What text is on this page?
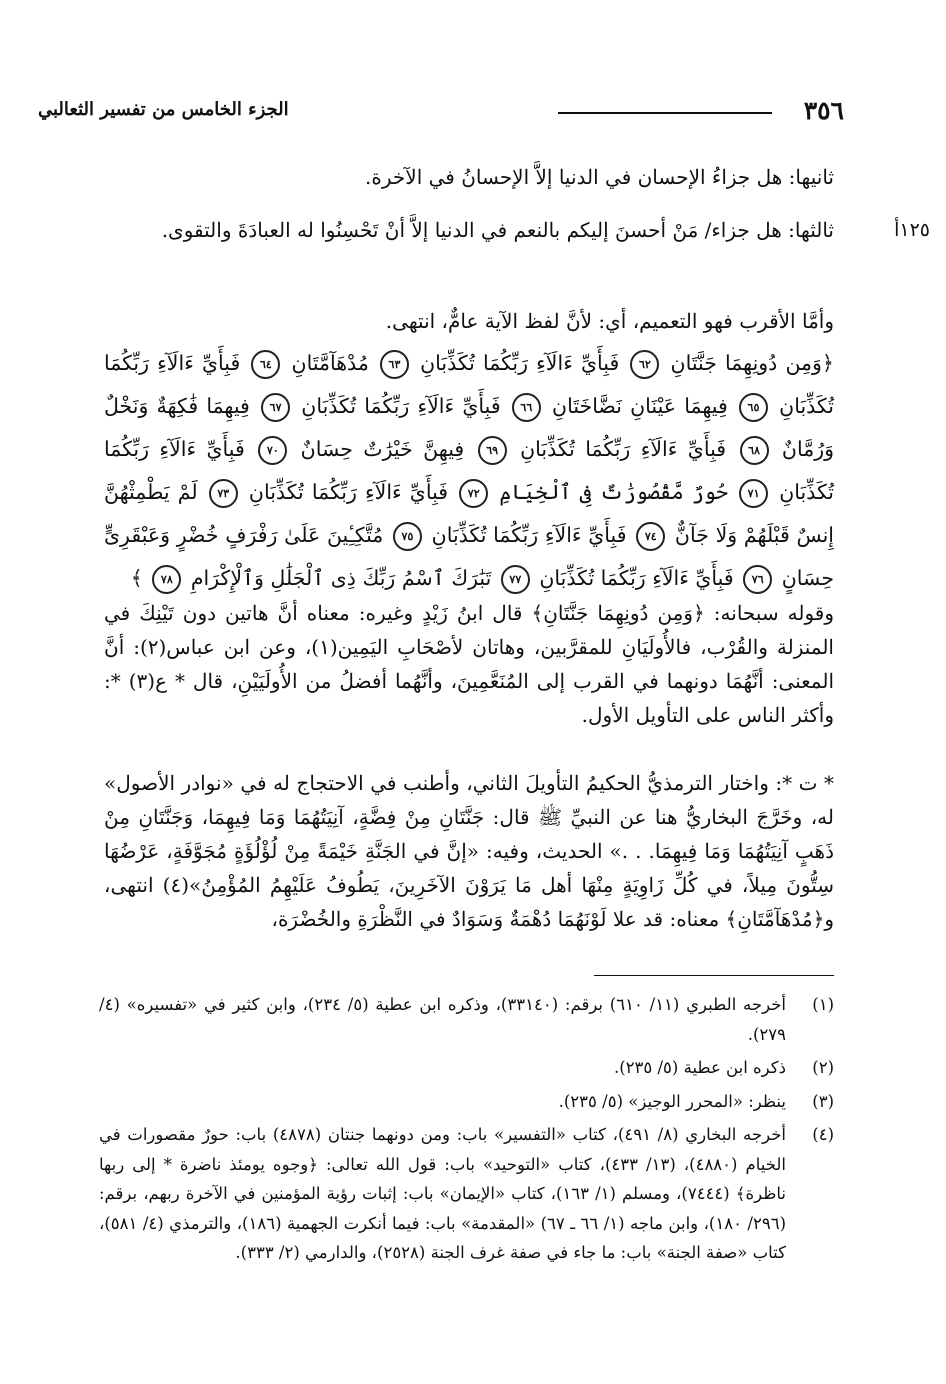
٣٥٦
الجزء الخامس من تفسير الثعالبي
ثانيها: هل جزاءُ الإحسان في الدنيا إلاَّ الإحسانُ في الآخرة.
١٢٥أ
ثالثها: هل جزاء/ مَنْ أحسنَ إليكم بالنعم في الدنيا إلاَّ أنْ تَحْسِنُوا له العبادَةَ والتقوى.
وأمَّا الأقرب فهو التعميم، أي: لأنَّ لفظ الآية عامٌّ، انتهى.
﴿وَمِن دُونِهِمَا جَنَّتَانِ ٦٢ فَبِأَيِّ ءَالَآءِ رَبِّكُمَا تُكَذِّبَانِ ٦٣ مُدْهَآمَّتَانِ ٦٤ فَبِأَيِّ ءَالَآءِ رَبِّكُمَا تُكَذِّبَانِ ٦٥ فِيهِمَا عَيْنَانِ نَضَّاخَتَانِ ٦٦ فَبِأَيِّ ءَالَآءِ رَبِّكُمَا تُكَذِّبَانِ ٦٧ فِيهِمَا فَٰكِهَةٌ وَنَخْلٌ وَرُمَّانٌ ٦٨ فَبِأَيِّ ءَالَآءِ رَبِّكُمَا تُكَذِّبَانِ ٦٩ فِيهِنَّ خَيْرَٰتٌ حِسَانٌ ٧٠ فَبِأَيِّ ءَالَآءِ رَبِّكُمَا تُكَذِّبَانِ ٧١ حُورٌ مَّقْصُورَٰتٌ فِى ٱلْخِيَامِ ٧٢ فَبِأَيِّ ءَالَآءِ رَبِّكُمَا تُكَذِّبَانِ ٧٣ لَمْ يَطْمِثْهُنَّ إِنسٌ قَبْلَهُمْ وَلَا جَآنٌّ ٧٤ فَبِأَيِّ ءَالَآءِ رَبِّكُمَا تُكَذِّبَانِ ٧٥ مُتَّكِـِٔينَ عَلَىٰ رَفْرَفٍ خُضْرٍ وَعَبْقَرِىٍّ حِسَانٍ ٧٦ فَبِأَيِّ ءَالَآءِ رَبِّكُمَا تُكَذِّبَانِ ٧٧ تَبَٰرَكَ ٱسْمُ رَبِّكَ ذِى ٱلْجَلَٰلِ وَٱلْإِكْرَامِ ٧٨ ﴾
وقوله سبحانه: ﴿وَمِن دُونِهِمَا جَنَّتَانِ﴾ قال ابنُ زَيْدٍ وغيره: معناه أنَّ هاتين دون تَيْنِكَ في المنزلة والقُرْب، فالأُولَيَانِ للمقرَّبين، وهاتان لأصْحَابِ اليَمِين(١)، وعن ابن عباس(٢): أنَّ المعنى: أنَّهُمَا دونهما في القرب إلى المُنَعَّمِينَ، وأنَّهُما أفضلُ من الأُولَيَيْنِ، قال * ع(٣) *: وأكثر الناس على التأويل الأول.
* ت *: واختار الترمذيُّ الحكيمُ التأويلَ الثاني، وأطنب في الاحتجاج له في «نوادر الأصول» له، وخَرَّجَ البخاريُّ هنا عن النبيِّ ﷺ قال: جَنَّتَانِ مِنْ فِضَّةٍ، آنِيَتُهُمَا وَمَا فِيهِمَا، وَجَنَّتَانِ مِنْ ذَهَبٍ آنِيَتُهُمَا وَمَا فِيهِمَا. . .» الحديث، وفيه: «إنَّ في الجَنَّةِ خَيْمَةً مِنْ لُؤْلُؤَةٍ مُجَوَّفَةٍ، عَرْضُهَا سِتُّونَ مِيلاً، في كُلِّ زَاوِيَةٍ مِنْهَا أهل مَا يَرَوْنَ الآخَرِينَ، يَطُوفُ عَلَيْهِمُ المُؤْمِنُ»(٤) انتهى، و﴿مُدْهَآمَّتَانِ﴾ معناه: قد علا لَوْنَهُمَا دُهْمَةٌ وَسَوَادٌ في النَّظْرَةِ والخُضْرَة،
(١)
أخرجه الطبري (١١/ ٦١٠) برقم: (٣٣١٤٠)، وذكره ابن عطية (٥/ ٢٣٤)، وابن كثير في «تفسيره» (٤/ ٢٧٩).
(٢)
ذكره ابن عطية (٥/ ٢٣٥).
(٣)
ينظر: «المحرر الوجيز» (٥/ ٢٣٥).
(٤)
أخرجه البخاري (٨/ ٤٩١)، كتاب «التفسير» باب: ومن دونهما جنتان (٤٨٧٨) باب: حورٌ مقصورات في الخيام (٤٨٨٠)، (١٣/ ٤٣٣)، كتاب «التوحيد» باب: قول الله تعالى: ﴿وجوه يومئذ ناضرة * إلى ربها ناظرة﴾ (٧٤٤٤)، ومسلم (١/ ١٦٣)، كتاب «الإيمان» باب: إثبات رؤية المؤمنين في الآخرة ربهم، برقم: (٢٩٦/ ١٨٠)، وابن ماجه (١/ ٦٦ ـ ٦٧) «المقدمة» باب: فيما أنكرت الجهمية (١٨٦)، والترمذي (٤/ ٥٨١)، كتاب «صفة الجنة» باب: ما جاء في صفة غرف الجنة (٢٥٢٨)، والدارمي (٢/ ٣٣٣).
